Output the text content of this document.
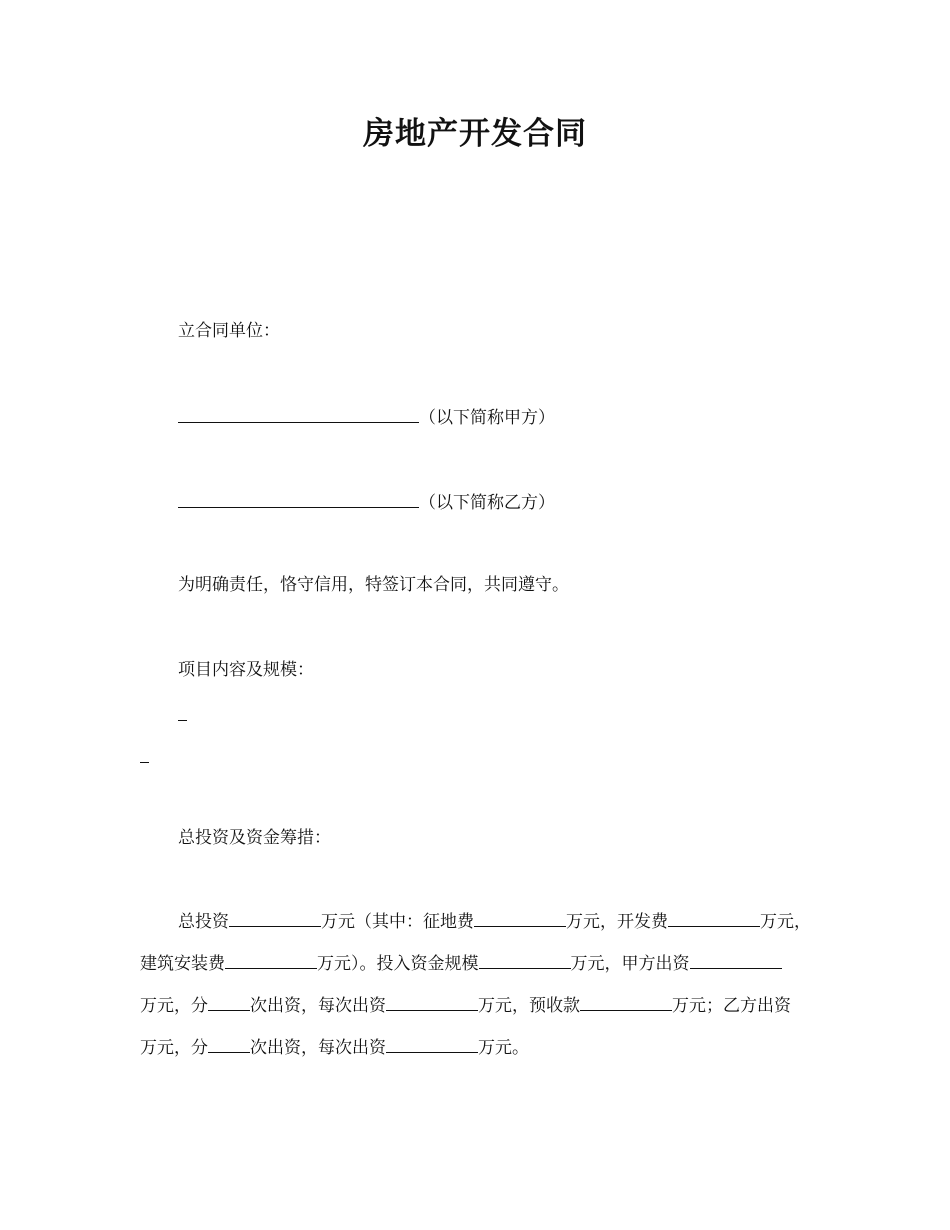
房地产开发合同
立合同单位：
（以下简称甲方）
（以下简称乙方）
为明确责任，恪守信用，特签订本合同，共同遵守。
项目内容及规模：
总投资及资金筹措：
总投资	万元（其中：征地费	万元，开发费	万元，
建筑安装费	万元）。投入资金规模	万元，甲方出资
万元，分 次出资，每次出资	万元，预收款	万元；乙方出资
万元，分 次出资，每次出资	万元。
